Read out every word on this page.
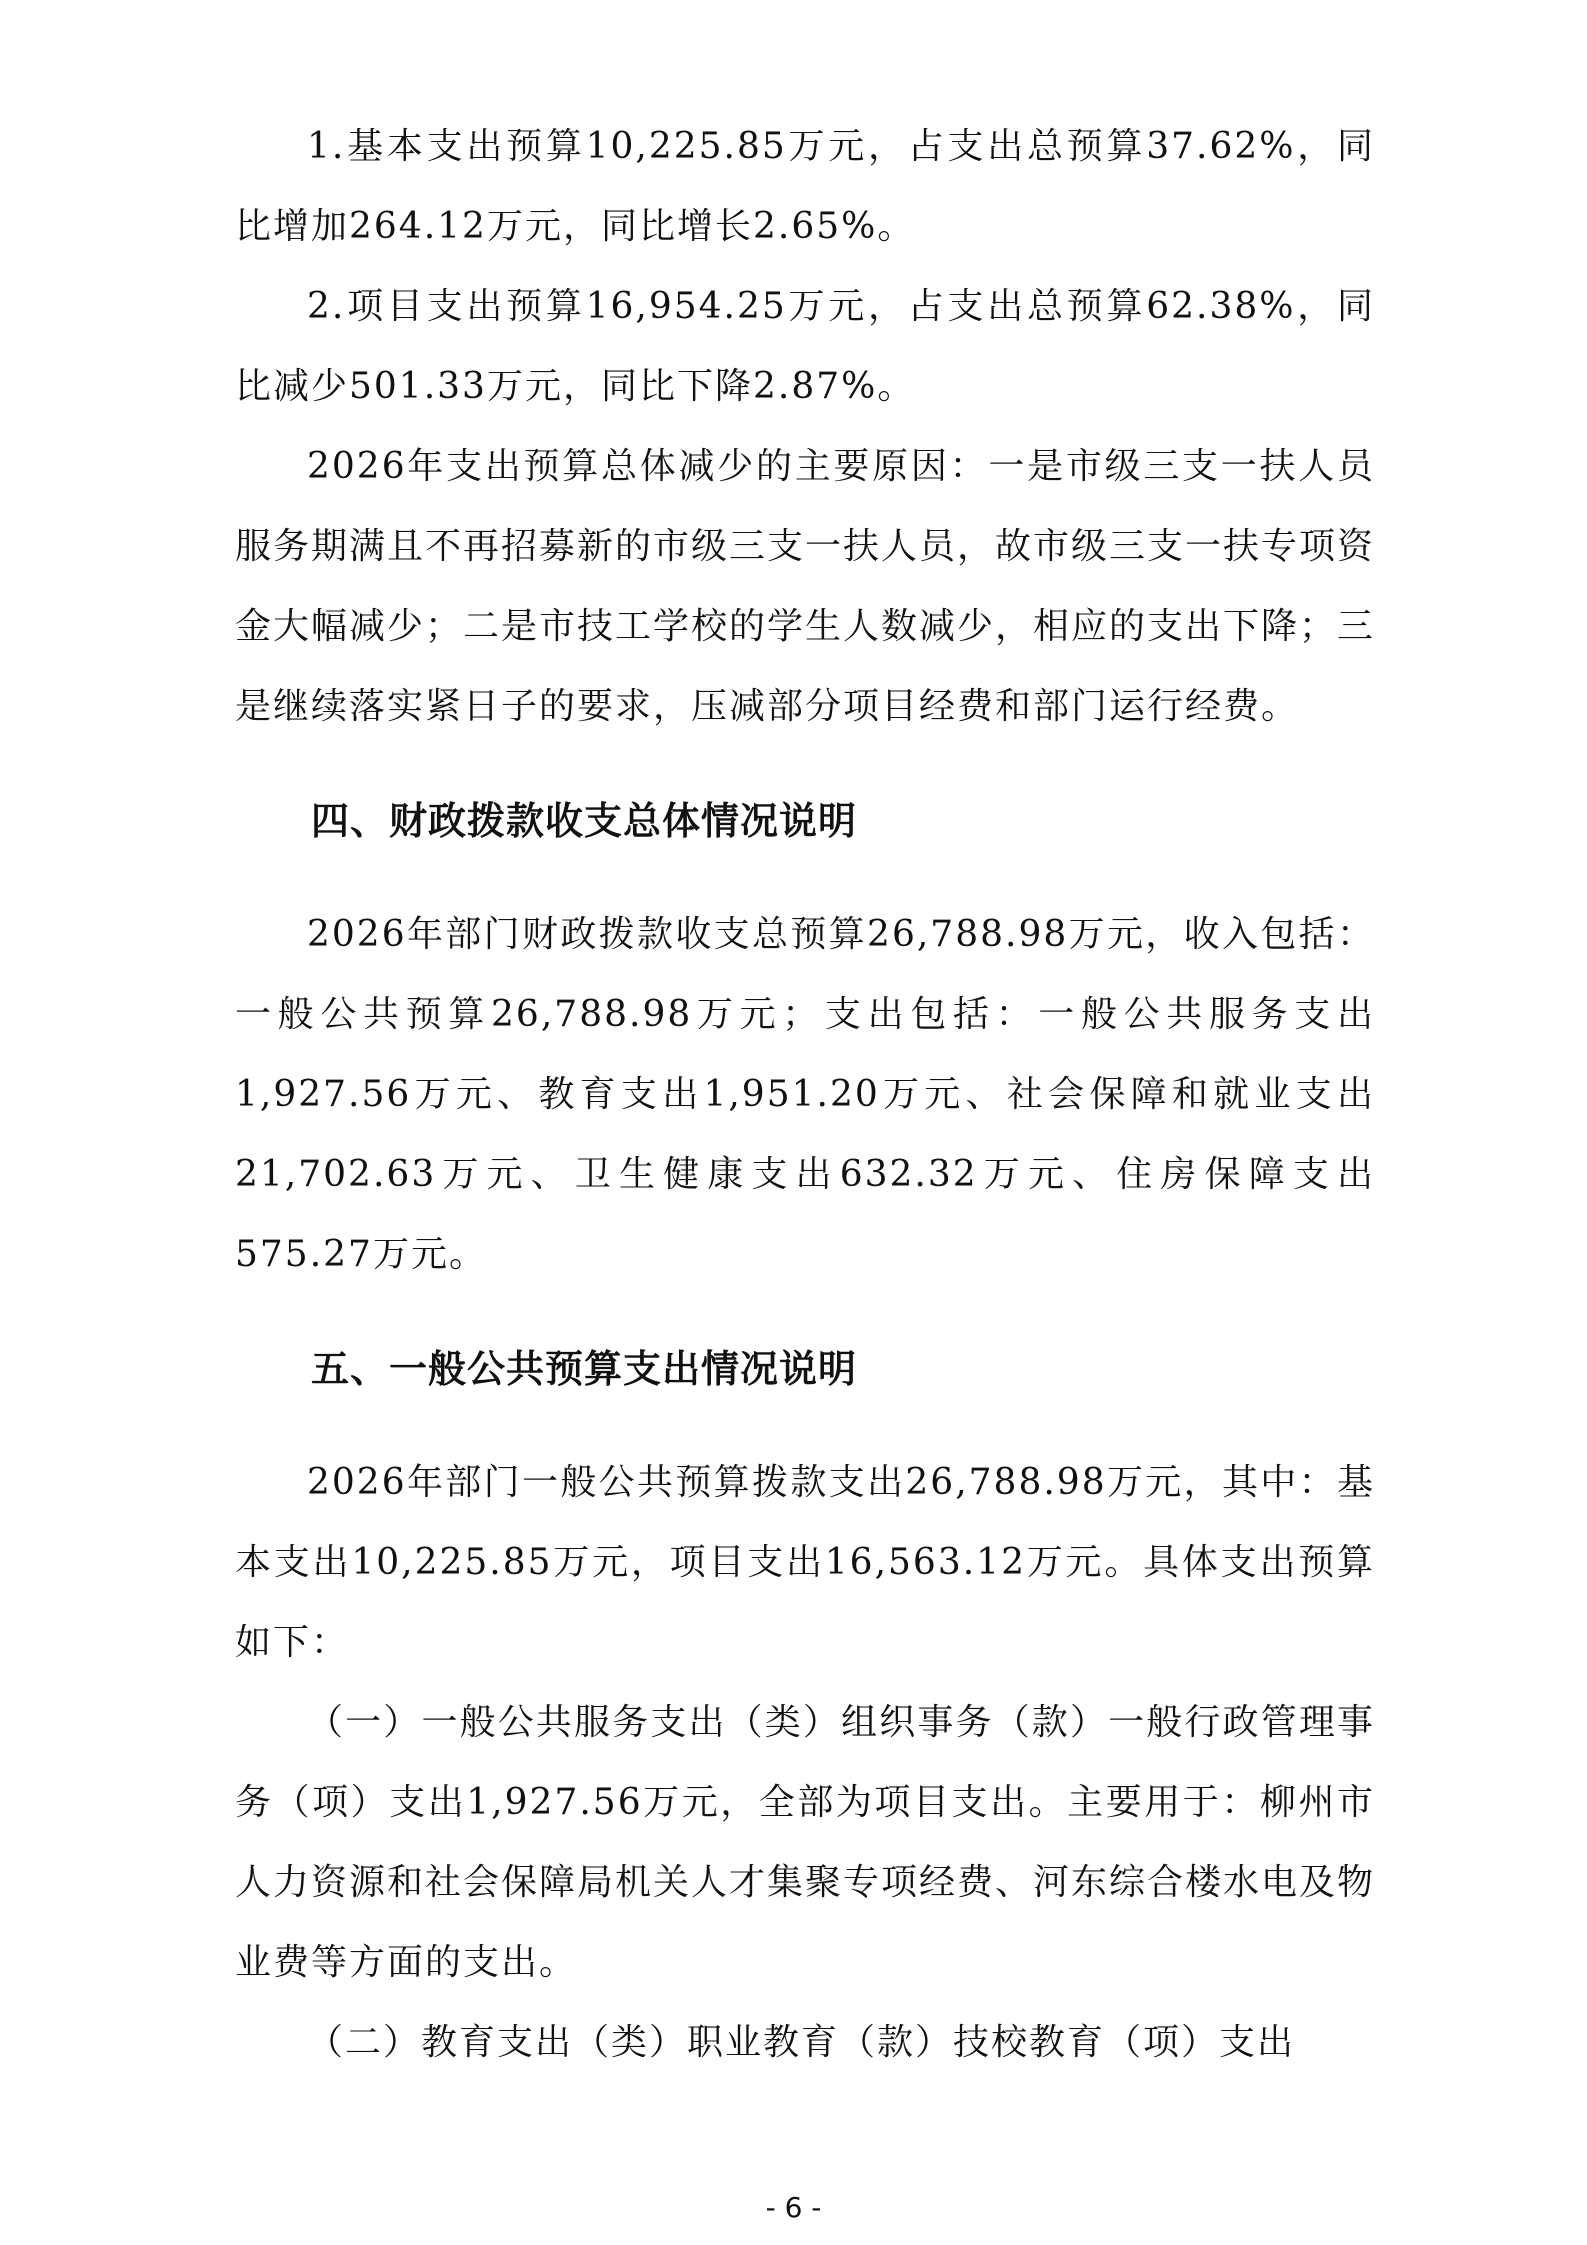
1.基本支出预算10,225.85万元，占支出总预算37.62%，同比增加264.12万元，同比增长2.65%。

2.项目支出预算16,954.25万元，占支出总预算62.38%，同比减少501.33万元，同比下降2.87%。

2026年支出预算总体减少的主要原因：一是市级三支一扶人员服务期满且不再招募新的市级三支一扶人员，故市级三支一扶专项资金大幅减少；二是市技工学校的学生人数减少，相应的支出下降；三是继续落实紧日子的要求，压减部分项目经费和部门运行经费。

四、财政拨款收支总体情况说明

2026年部门财政拨款收支总预算26,788.98万元，收入包括：一般公共预算26,788.98万元；支出包括：一般公共服务支出1,927.56万元、教育支出1,951.20万元、社会保障和就业支出21,702.63万元、卫生健康支出632.32万元、住房保障支出575.27万元。

五、一般公共预算支出情况说明

2026年部门一般公共预算拨款支出26,788.98万元，其中：基本支出10,225.85万元，项目支出16,563.12万元。具体支出预算如下：

（一）一般公共服务支出（类）组织事务（款）一般行政管理事务（项）支出1,927.56万元，全部为项目支出。主要用于：柳州市人力资源和社会保障局机关人才集聚专项经费、河东综合楼水电及物业费等方面的支出。

（二）教育支出（类）职业教育（款）技校教育（项）支出

- 6 -
